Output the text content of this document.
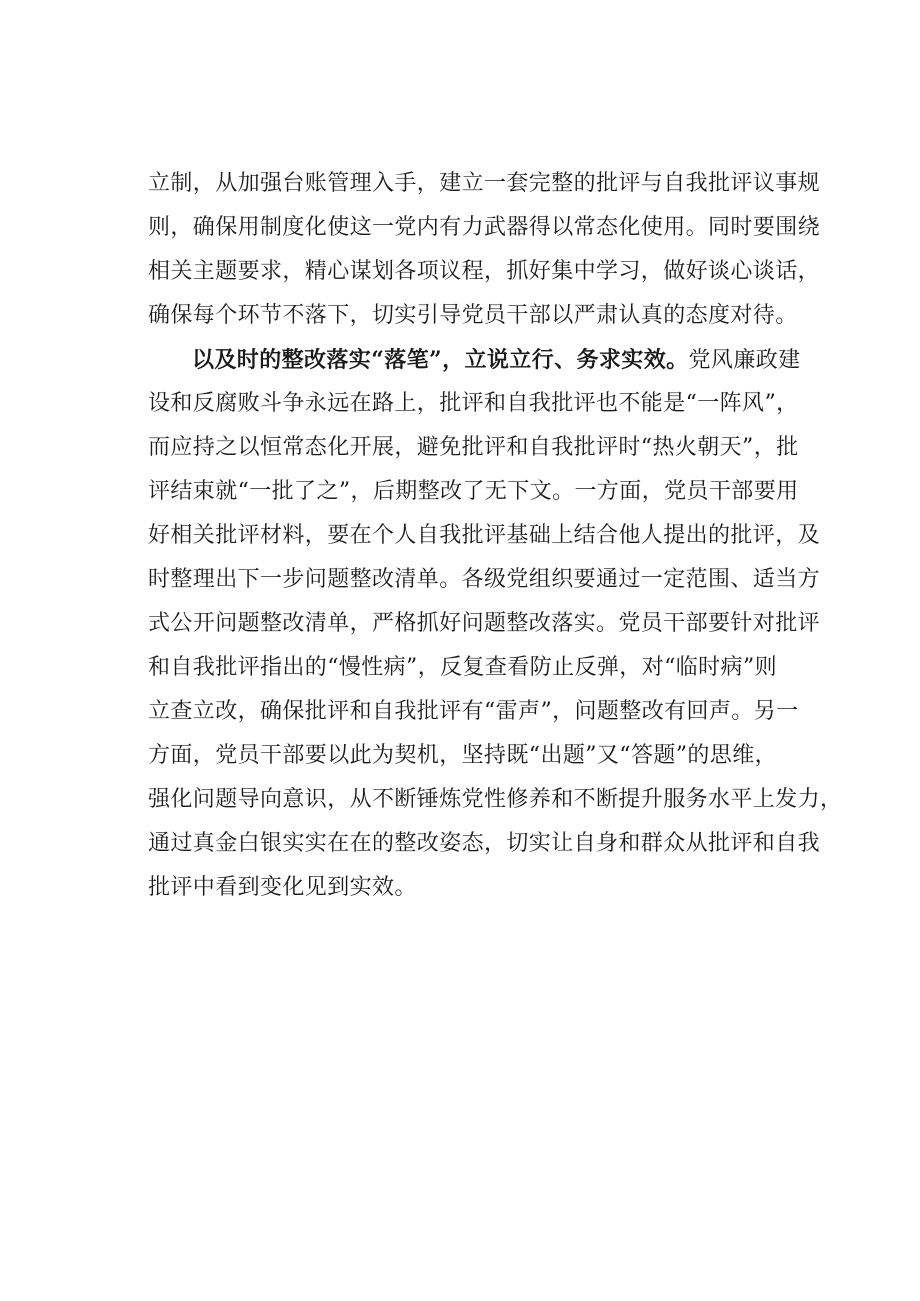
立制，从加强台账管理入手，建立一套完整的批评与自我批评议事规
则，确保用制度化使这一党内有力武器得以常态化使用。同时要围绕
相关主题要求，精心谋划各项议程，抓好集中学习，做好谈心谈话，
确保每个环节不落下，切实引导党员干部以严肃认真的态度对待。
以及时的整改落实“落笔”，立说立行、务求实效。党风廉政建
设和反腐败斗争永远在路上，批评和自我批评也不能是“一阵风”，
而应持之以恒常态化开展，避免批评和自我批评时“热火朝天”，批
评结束就“一批了之”，后期整改了无下文。一方面，党员干部要用
好相关批评材料，要在个人自我批评基础上结合他人提出的批评，及
时整理出下一步问题整改清单。各级党组织要通过一定范围、适当方
式公开问题整改清单，严格抓好问题整改落实。党员干部要针对批评
和自我批评指出的“慢性病”，反复查看防止反弹，对“临时病”则
立查立改，确保批评和自我批评有“雷声”，问题整改有回声。另一
方面，党员干部要以此为契机，坚持既“出题”又“答题”的思维，
强化问题导向意识，从不断锤炼党性修养和不断提升服务水平上发力，
通过真金白银实实在在的整改姿态，切实让自身和群众从批评和自我
批评中看到变化见到实效。
